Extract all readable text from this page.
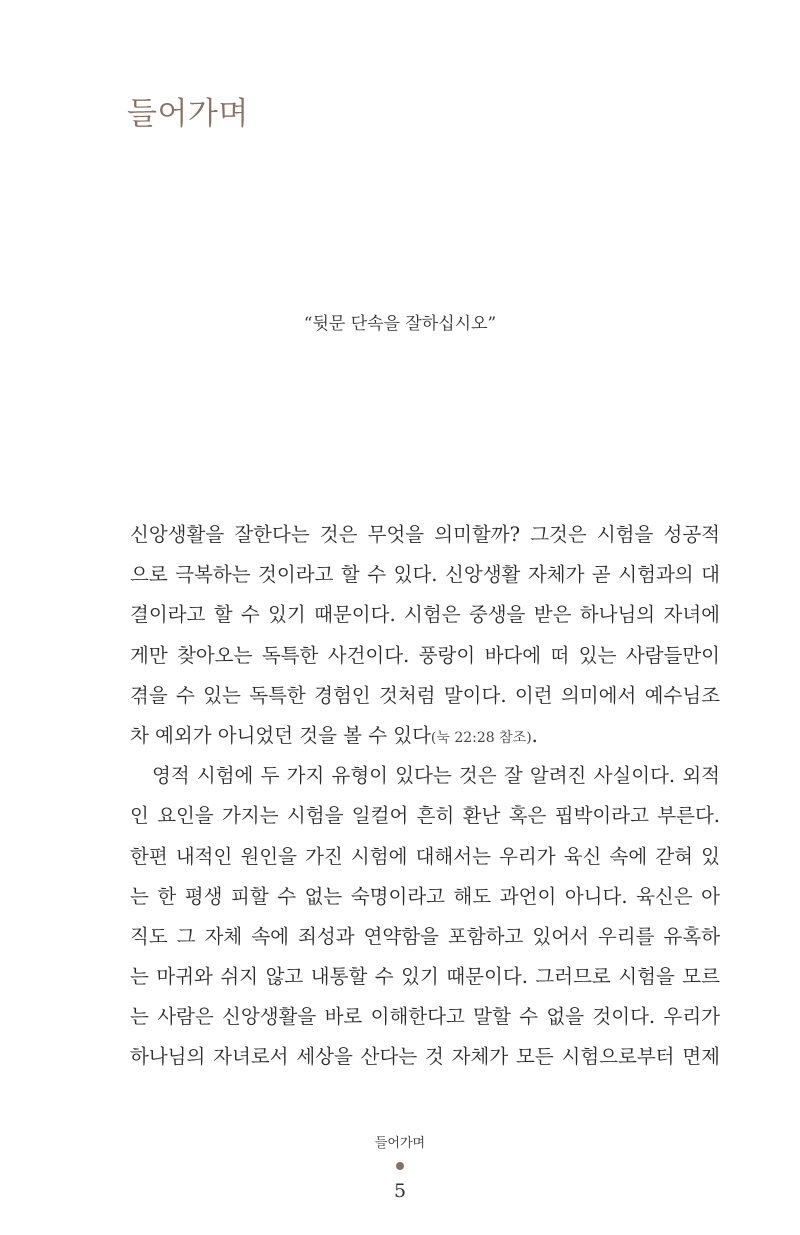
들어가며
“뒷문 단속을 잘하십시오”
신앙생활을 잘한다는 것은 무엇을 의미할까? 그것은 시험을 성공적
으로 극복하는 것이라고 할 수 있다. 신앙생활 자체가 곧 시험과의 대
결이라고 할 수 있기 때문이다. 시험은 중생을 받은 하나님의 자녀에
게만 찾아오는 독특한 사건이다. 풍랑이 바다에 떠 있는 사람들만이
겪을 수 있는 독특한 경험인 것처럼 말이다. 이런 의미에서 예수님조
차 예외가 아니었던 것을 볼 수 있다(눅 22:28 참조).
영적 시험에 두 가지 유형이 있다는 것은 잘 알려진 사실이다. 외적
인 요인을 가지는 시험을 일컬어 흔히 환난 혹은 핍박이라고 부른다.
한편 내적인 원인을 가진 시험에 대해서는 우리가 육신 속에 갇혀 있
는 한 평생 피할 수 없는 숙명이라고 해도 과언이 아니다. 육신은 아
직도 그 자체 속에 죄성과 연약함을 포함하고 있어서 우리를 유혹하
는 마귀와 쉬지 않고 내통할 수 있기 때문이다. 그러므로 시험을 모르
는 사람은 신앙생활을 바로 이해한다고 말할 수 없을 것이다. 우리가
하나님의 자녀로서 세상을 산다는 것 자체가 모든 시험으로부터 면제
들어가며
5
